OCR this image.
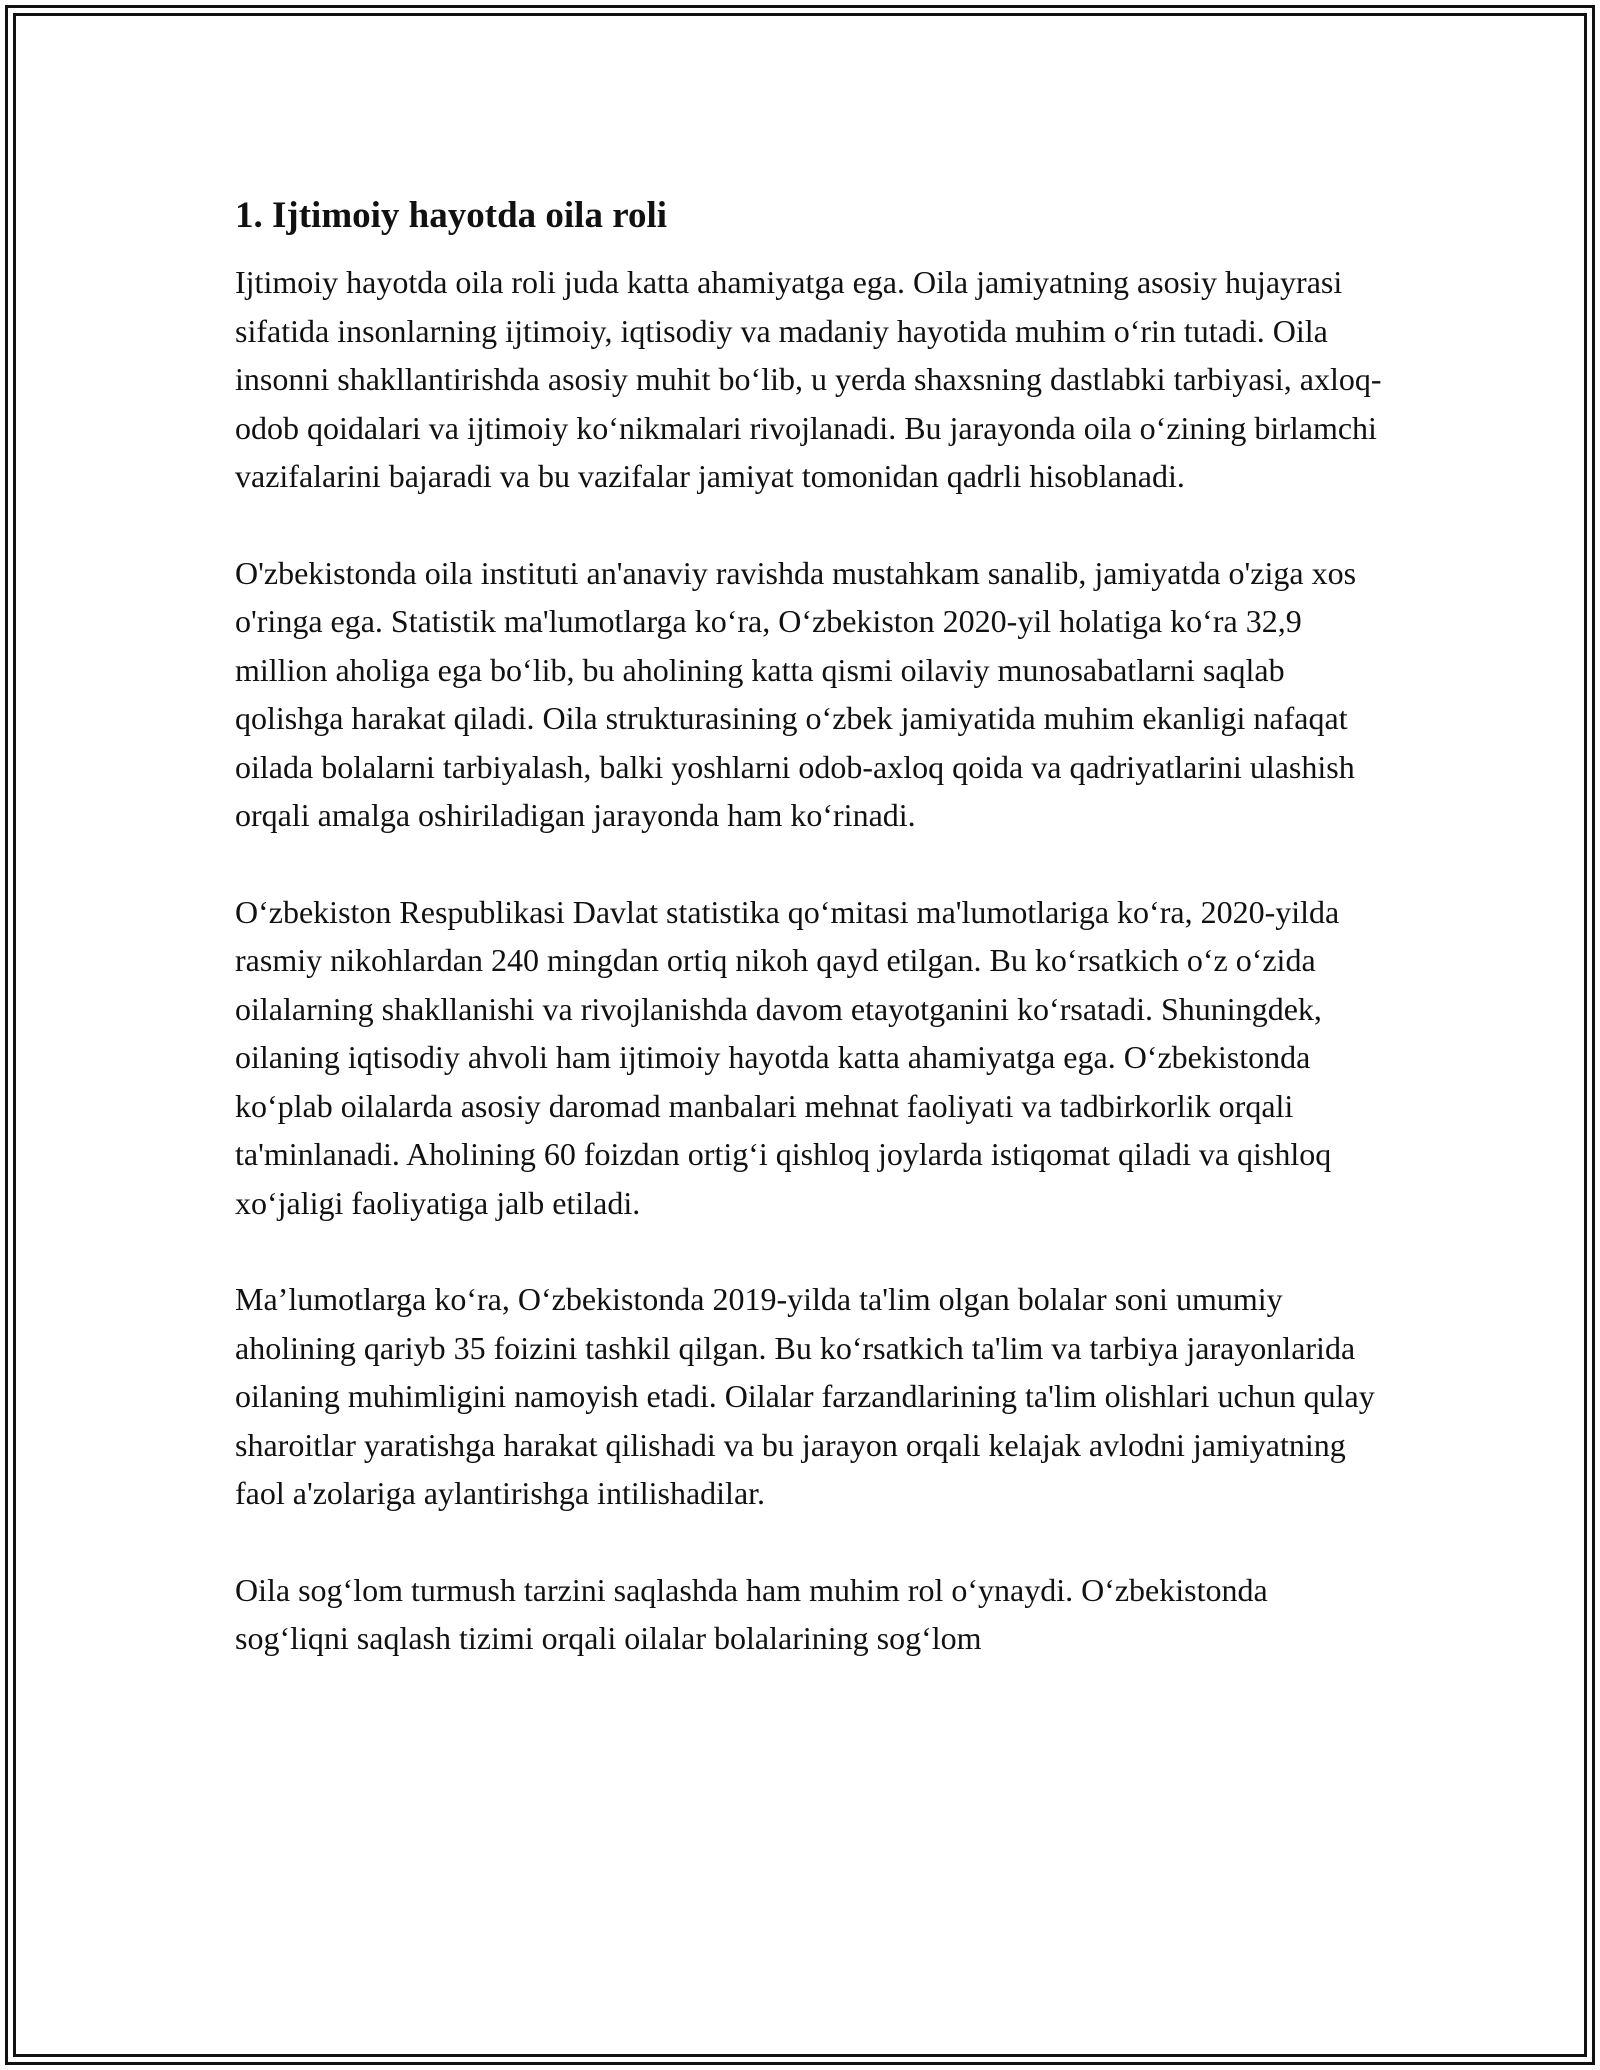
1. Ijtimoiy hayotda oila roli

Ijtimoiy hayotda oila roli juda katta ahamiyatga ega. Oila jamiyatning asosiy hujayrasi sifatida insonlarning ijtimoiy, iqtisodiy va madaniy hayotida muhim oʻrin tutadi. Oila insonni shakllantirishda asosiy muhit boʻlib, u yerda shaxsning dastlabki tarbiyasi, axloq-odob qoidalari va ijtimoiy koʻnikmalari rivojlanadi. Bu jarayonda oila oʻzining birlamchi vazifalarini bajaradi va bu vazifalar jamiyat tomonidan qadrli hisoblanadi.

O'zbekistonda oila instituti an'anaviy ravishda mustahkam sanalib, jamiyatda o'ziga xos o'ringa ega. Statistik ma'lumotlarga koʻra, Oʻzbekiston 2020-yil holatiga koʻra 32,9 million aholiga ega boʻlib, bu aholining katta qismi oilaviy munosabatlarni saqlab qolishga harakat qiladi. Oila strukturasining oʻzbek jamiyatida muhim ekanligi nafaqat oilada bolalarni tarbiyalash, balki yoshlarni odob-axloq qoida va qadriyatlarini ulashish orqali amalga oshiriladigan jarayonda ham koʻrinadi.

Oʻzbekiston Respublikasi Davlat statistika qoʻmitasi ma'lumotlariga koʻra, 2020-yilda rasmiy nikohlardan 240 mingdan ortiq nikoh qayd etilgan. Bu koʻrsatkich oʻz oʻzida oilalarning shakllanishi va rivojlanishda davom etayotganini koʻrsatadi. Shuningdek, oilaning iqtisodiy ahvoli ham ijtimoiy hayotda katta ahamiyatga ega. Oʻzbekistonda koʻplab oilalarda asosiy daromad manbalari mehnat faoliyati va tadbirkorlik orqali ta'minlanadi. Aholining 60 foizdan ortigʻi qishloq joylarda istiqomat qiladi va qishloq xoʻjaligi faoliyatiga jalb etiladi.

Ma’lumotlarga koʻra, Oʻzbekistonda 2019-yilda ta'lim olgan bolalar soni umumiy aholining qariyb 35 foizini tashkil qilgan. Bu koʻrsatkich ta'lim va tarbiya jarayonlarida oilaning muhimligini namoyish etadi. Oilalar farzandlarining ta'lim olishlari uchun qulay sharoitlar yaratishga harakat qilishadi va bu jarayon orqali kelajak avlodni jamiyatning faol a'zolariga aylantirishga intilishadilar.

Oila sogʻlom turmush tarzini saqlashda ham muhim rol oʻynaydi. Oʻzbekistonda sogʻliqni saqlash tizimi orqali oilalar bolalarining sogʻlom
